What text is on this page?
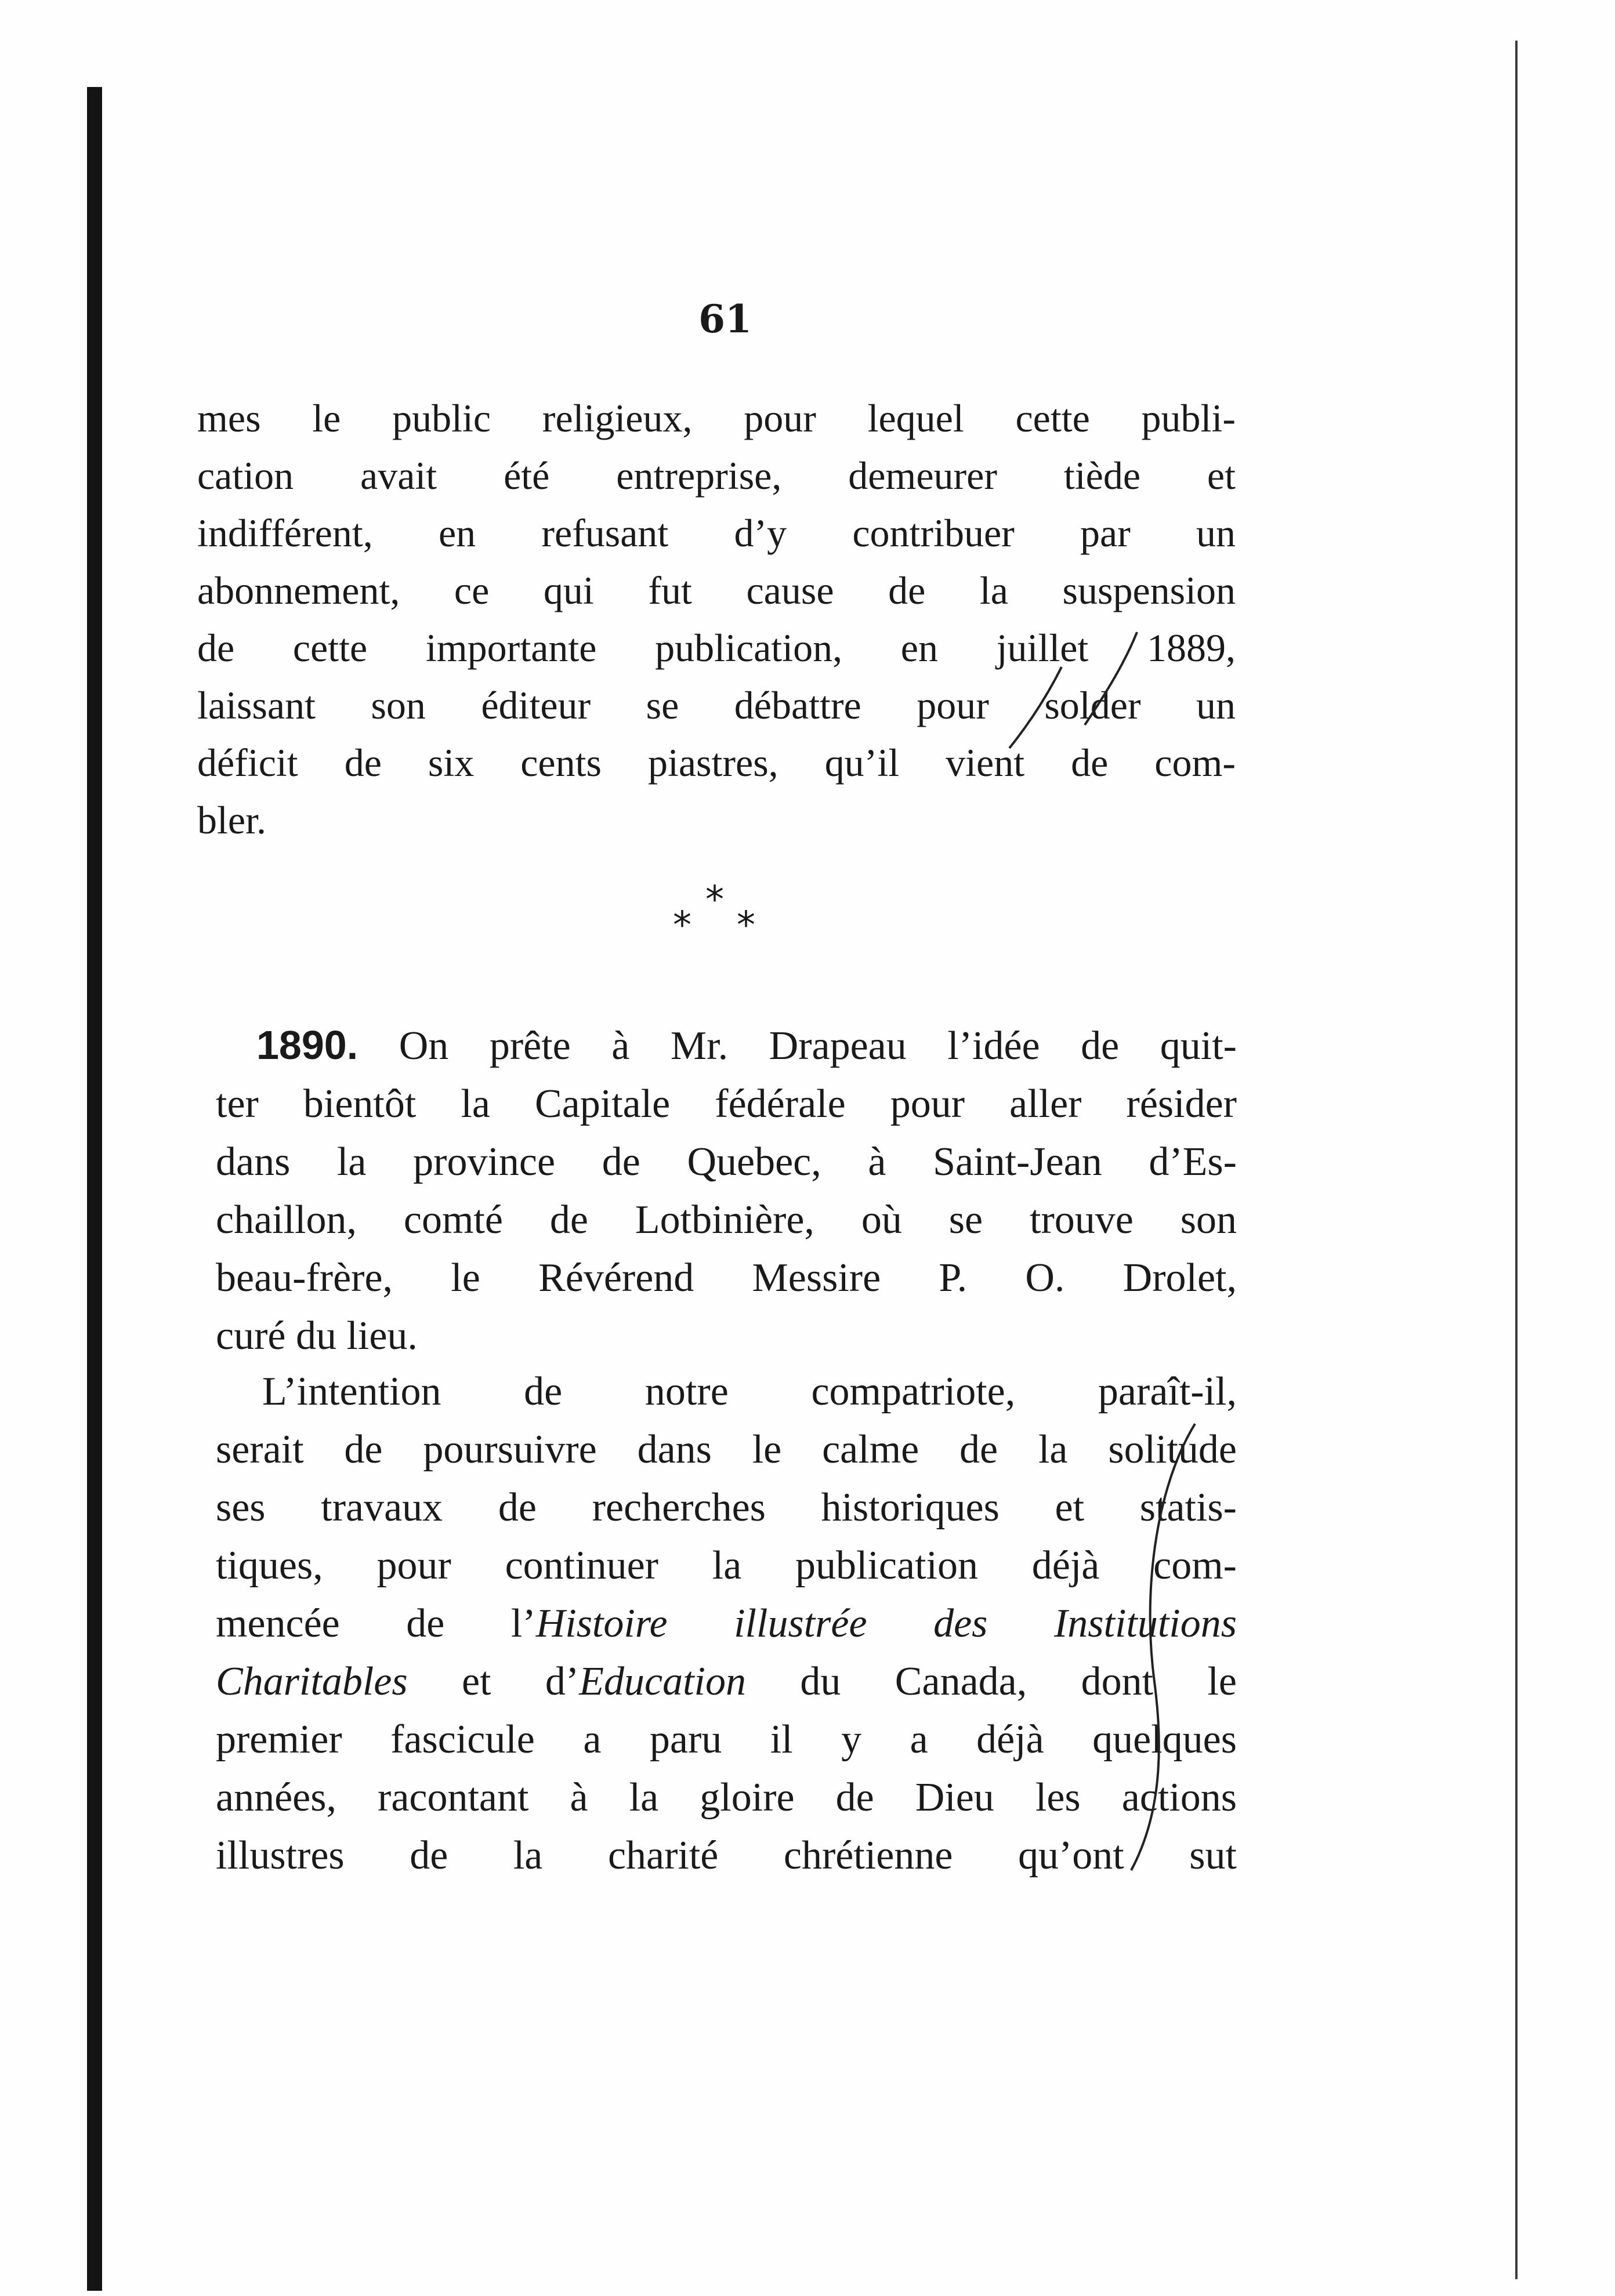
61
mes le public religieux, pour lequel cette publi-
cation avait été entreprise, demeurer tiède et
indifférent, en refusant d’y contribuer par un
abonnement, ce qui fut cause de la suspension
de cette importante publication, en juillet 1889,
laissant son éditeur se débattre pour solder un
déficit de six cents piastres, qu’il vient de com-
bler.
*
* *
1890. On prête à Mr. Drapeau l’idée de quit-
ter bientôt la Capitale fédérale pour aller résider
dans la province de Quebec, à Saint-Jean d’Es-
chaillon, comté de Lotbinière, où se trouve son
beau-frère, le Révérend Messire P. O. Drolet,
curé du lieu.
L’intention de notre compatriote, paraît-il,
serait de poursuivre dans le calme de la solitude
ses travaux de recherches historiques et statis-
tiques, pour continuer la publication déjà com-
mencée de l’Histoire illustrée des Institutions
Charitables et d’Education du Canada, dont le
premier fascicule a paru il y a déjà quelques
années, racontant à la gloire de Dieu les actions
illustres de la charité chrétienne qu’ont sut
